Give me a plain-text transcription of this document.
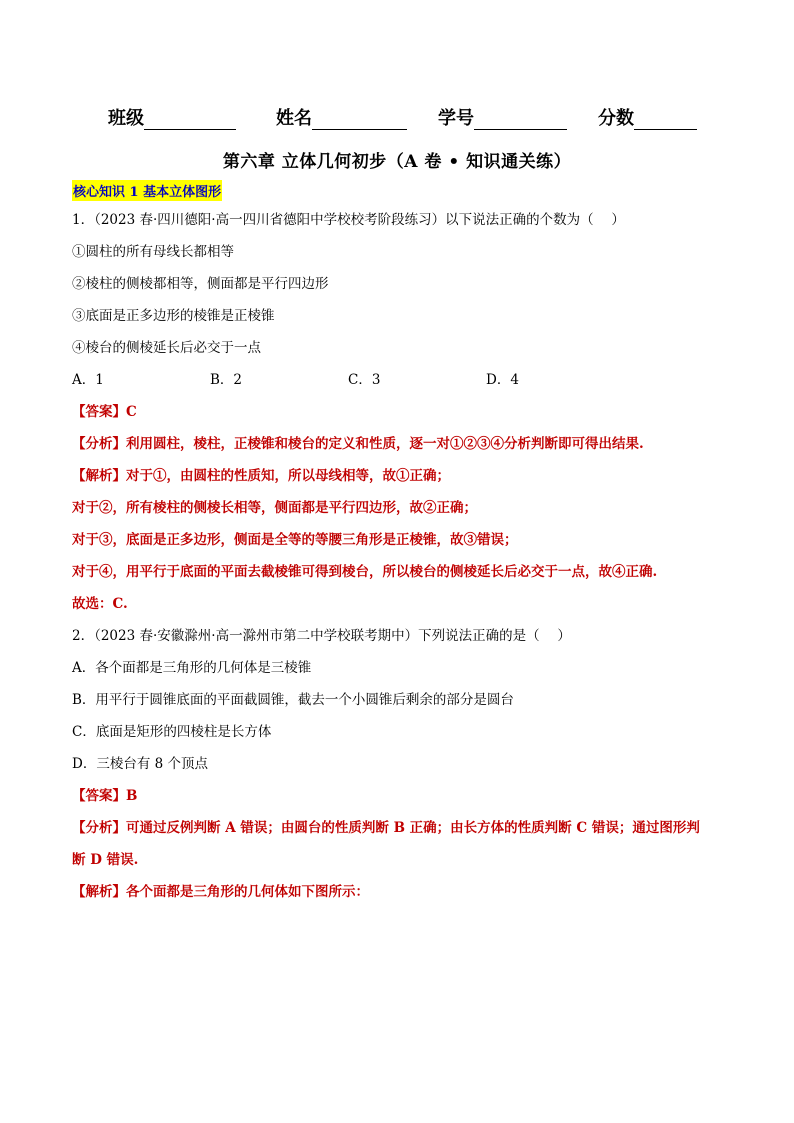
班级	姓名	学号	分数
第六章 立体几何初步（A 卷 • 知识通关练）
核心知识 1 基本立体图形
1．（2023 春·四川德阳·高一四川省德阳中学校校考阶段练习）以下说法正确的个数为（　 ）
①圆柱的所有母线长都相等
②棱柱的侧棱都相等，侧面都是平行四边形
③底面是正多边形的棱锥是正棱锥
④棱台的侧棱延长后必交于一点
A．1	B．2	C．3	D．4
【答案】C
【分析】利用圆柱，棱柱，正棱锥和棱台的定义和性质，逐一对①②③④分析判断即可得出结果.
【解析】对于①，由圆柱的性质知，所以母线相等，故①正确；
对于②，所有棱柱的侧棱长相等，侧面都是平行四边形，故②正确；
对于③，底面是正多边形，侧面是全等的等腰三角形是正棱锥，故③错误；
对于④，用平行于底面的平面去截棱锥可得到棱台，所以棱台的侧棱延长后必交于一点，故④正确.
故选：C.
2．（2023 春·安徽滁州·高一滁州市第二中学校联考期中）下列说法正确的是（　 ）
A．各个面都是三角形的几何体是三棱锥
B．用平行于圆锥底面的平面截圆锥，截去一个小圆锥后剩余的部分是圆台
C．底面是矩形的四棱柱是长方体
D．三棱台有 8 个顶点
【答案】B
【分析】可通过反例判断 A 错误；由圆台的性质判断 B 正确；由长方体的性质判断 C 错误；通过图形判
断 D 错误.
【解析】各个面都是三角形的几何体如下图所示：
